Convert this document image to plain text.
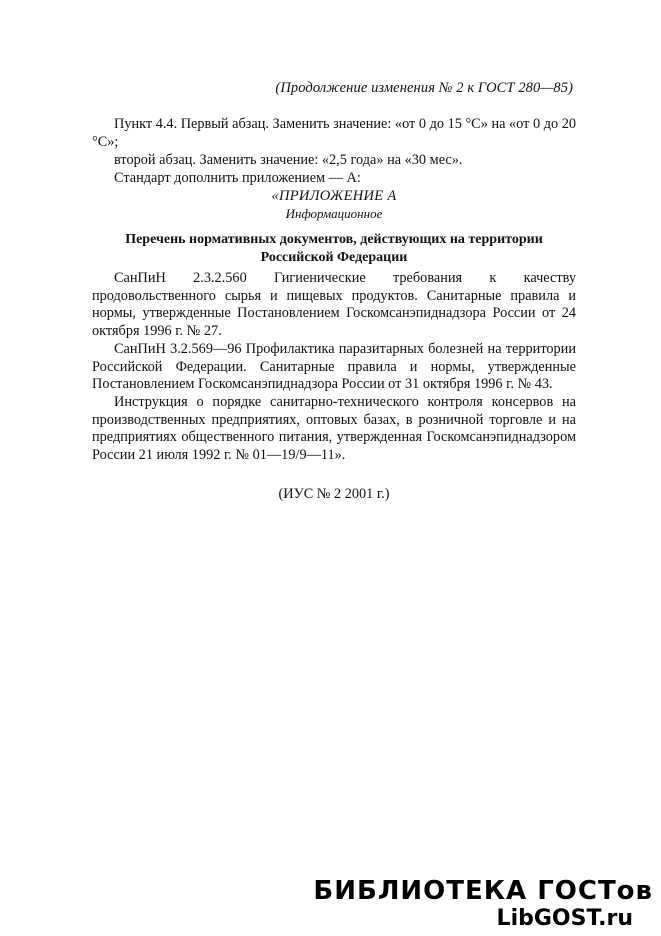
(Продолжение изменения № 2 к ГОСТ 280—85)

Пункт 4.4. Первый абзац. Заменить значение: «от 0 до 15 °С» на «от 0 до 20 °С»;

второй абзац. Заменить значение: «2,5 года» на «30 мес».

Стандарт дополнить приложением — А:

«ПРИЛОЖЕНИЕ А

Информационное

Перечень нормативных документов, действующих на территории Российской Федерации

СанПиН 2.3.2.560 Гигиенические требования к качеству продовольственного сырья и пищевых продуктов. Санитарные правила и нормы, утвержденные Постановлением Госкомсанэпиднадзора России от 24 октября 1996 г. № 27.

СанПиН 3.2.569—96 Профилактика паразитарных болезней на территории Российской Федерации. Санитарные правила и нормы, утвержденные Постановлением Госкомсанэпиднадзора России от 31 октября 1996 г. № 43.

Инструкция о порядке санитарно-технического контроля консервов на производственных предприятиях, оптовых базах, в розничной торговле и на предприятиях общественного питания, утвержденная Госкомсанэпиднадзором России 21 июля 1992 г. № 01—19/9—11».

(ИУС № 2 2001 г.)
БИБЛИОТЕКА ГОСТов
LibGOST.ru
